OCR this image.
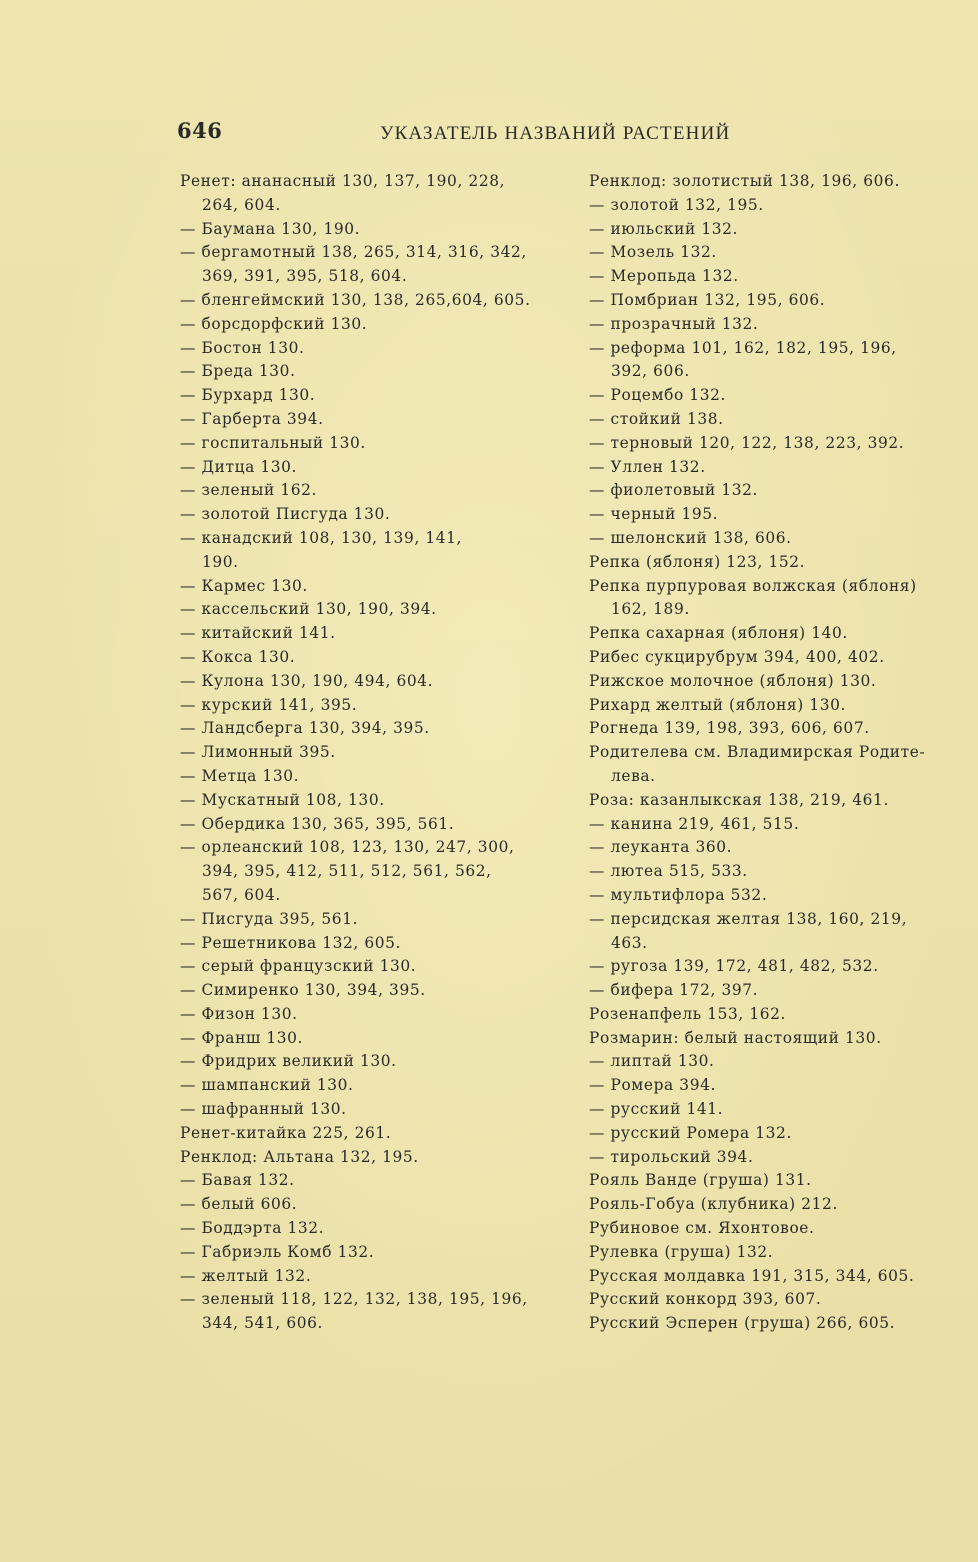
646	УКАЗАТЕЛЬ НАЗВАНИЙ РАСТЕНИЙ
Ренет: ананасный 130, 137, 190, 228,
264, 604.
— Баумана 130, 190.
— бергамотный 138, 265, 314, 316, 342,
369, 391, 395, 518, 604.
— бленгеймский 130, 138, 265,604, 605.
— борсдорфский 130.
— Бостон 130.
— Бреда 130.
— Бурхард 130.
— Гарберта 394.
— госпитальный 130.
— Дитца 130.
— зеленый 162.
— золотой Писгуда 130.
— канадский 108, 130, 139, 141,
190.
— Кармес 130.
— кассельский 130, 190, 394.
— китайский 141.
— Кокса 130.
— Кулона 130, 190, 494, 604.
— курский 141, 395.
— Ландсберга 130, 394, 395.
— Лимонный 395.
— Метца 130.
— Мускатный 108, 130.
— Обердика 130, 365, 395, 561.
— орлеанский 108, 123, 130, 247, 300,
394, 395, 412, 511, 512, 561, 562,
567, 604.
— Писгуда 395, 561.
— Решетникова 132, 605.
— серый французский 130.
— Симиренко 130, 394, 395.
— Физон 130.
— Франш 130.
— Фридрих великий 130.
— шампанский 130.
— шафранный 130.
Ренет-китайка 225, 261.
Ренклод: Альтана 132, 195.
— Бавая 132.
— белый 606.
— Боддэрта 132.
— Габриэль Комб 132.
— желтый 132.
— зеленый 118, 122, 132, 138, 195, 196,
344, 541, 606.
Ренклод: золотистый 138, 196, 606.
— золотой 132, 195.
— июльский 132.
— Мозель 132.
— Меропьда 132.
— Помбриан 132, 195, 606.
— прозрачный 132.
— реформа 101, 162, 182, 195, 196,
392, 606.
— Роцембо 132.
— стойкий 138.
— терновый 120, 122, 138, 223, 392.
— Уллен 132.
— фиолетовый 132.
— черный 195.
— шелонский 138, 606.
Репка (яблоня) 123, 152.
Репка пурпуровая волжская (яблоня)
162, 189.
Репка сахарная (яблоня) 140.
Рибес сукцирубрум 394, 400, 402.
Рижское молочное (яблоня) 130.
Рихард желтый (яблоня) 130.
Рогнеда 139, 198, 393, 606, 607.
Родителева см. Владимирская Родите-
лева.
Роза: казанлыкская 138, 219, 461.
— канина 219, 461, 515.
— леуканта 360.
— лютеа 515, 533.
— мультифлора 532.
— персидская желтая 138, 160, 219,
463.
— ругоза 139, 172, 481, 482, 532.
— бифера 172, 397.
Розенапфель 153, 162.
Розмарин: белый настоящий 130.
— липтай 130.
— Ромера 394.
— русский 141.
— русский Ромера 132.
— тирольский 394.
Рояль Ванде (груша) 131.
Рояль-Гобуа (клубника) 212.
Рубиновое см. Яхонтовое.
Рулевка (груша) 132.
Русская молдавка 191, 315, 344, 605.
Русский конкорд 393, 607.
Русский Эсперен (груша) 266, 605.
